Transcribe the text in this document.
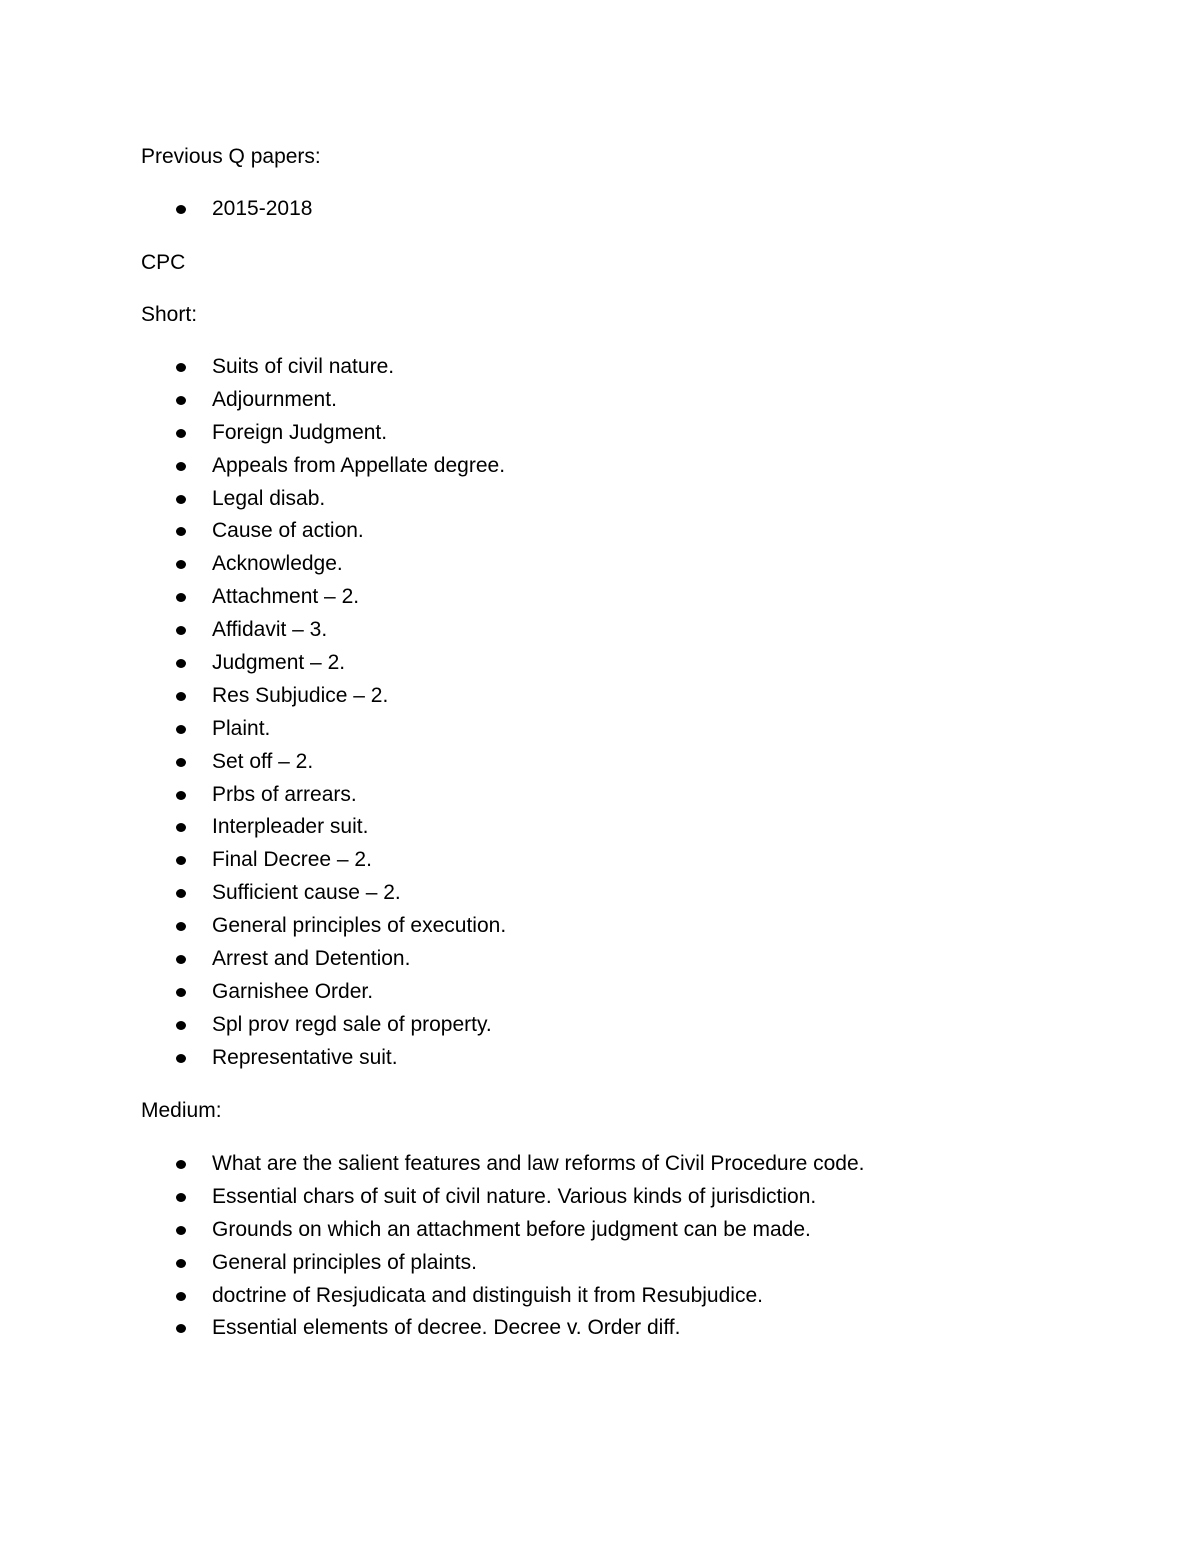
Previous Q papers:

2015-2018

CPC

Short:

Suits of civil nature.
Adjournment.
Foreign Judgment.
Appeals from Appellate degree.
Legal disab.
Cause of action.
Acknowledge.
Attachment – 2.
Affidavit – 3.
Judgment – 2.
Res Subjudice – 2.
Plaint.
Set off – 2.
Prbs of arrears.
Interpleader suit.
Final Decree – 2.
Sufficient cause – 2.
General principles of execution.
Arrest and Detention.
Garnishee Order.
Spl prov regd sale of property.
Representative suit.

Medium:

What are the salient features and law reforms of Civil Procedure code.
Essential chars of suit of civil nature. Various kinds of jurisdiction.
Grounds on which an attachment before judgment can be made.
General principles of plaints.
doctrine of Resjudicata and distinguish it from Resubjudice.
Essential elements of decree. Decree v. Order diff.
